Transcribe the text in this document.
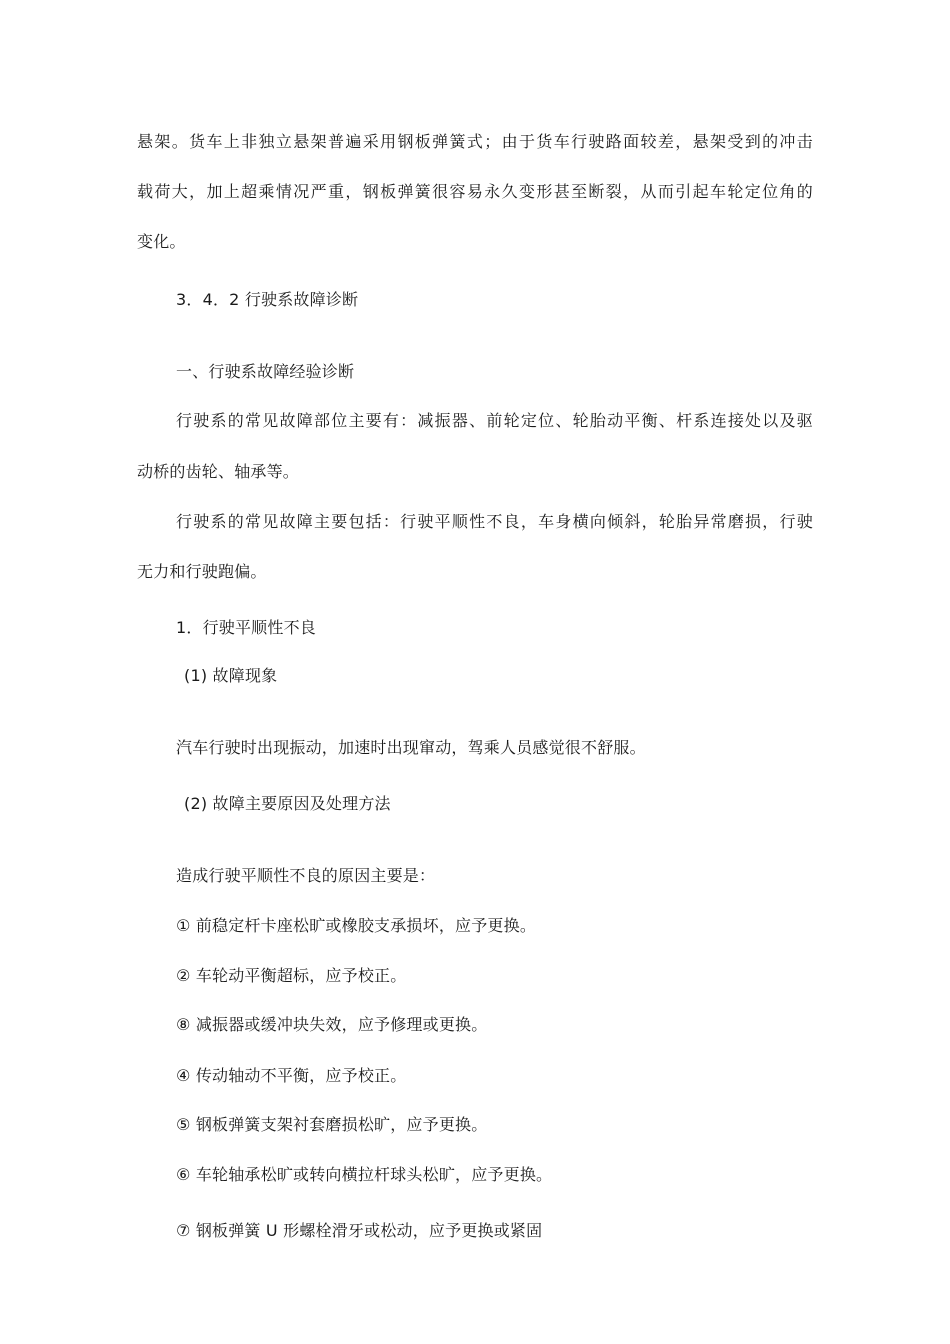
悬架。货车上非独立悬架普遍采用钢板弹簧式；由于货车行驶路面较差，悬架受到的冲击
载荷大，加上超乘情况严重，钢板弹簧很容易永久变形甚至断裂，从而引起车轮定位角的
变化。
3．4．2 行驶系故障诊断
一、行驶系故障经验诊断
行驶系的常见故障部位主要有：减振器、前轮定位、轮胎动平衡、杆系连接处以及驱
动桥的齿轮、轴承等。
行驶系的常见故障主要包括：行驶平顺性不良，车身横向倾斜，轮胎异常磨损，行驶
无力和行驶跑偏。
1．行驶平顺性不良
(1) 故障现象
汽车行驶时出现振动，加速时出现窜动，驾乘人员感觉很不舒服。
(2) 故障主要原因及处理方法
造成行驶平顺性不良的原因主要是：
① 前稳定杆卡座松旷或橡胶支承损坏，应予更换。
② 车轮动平衡超标，应予校正。
⑧ 减振器或缓冲块失效，应予修理或更换。
④ 传动轴动不平衡，应予校正。
⑤ 钢板弹簧支架衬套磨损松旷，应予更换。
⑥ 车轮轴承松旷或转向横拉杆球头松旷，应予更换。
⑦ 钢板弹簧 U 形螺栓滑牙或松动，应予更换或紧固
